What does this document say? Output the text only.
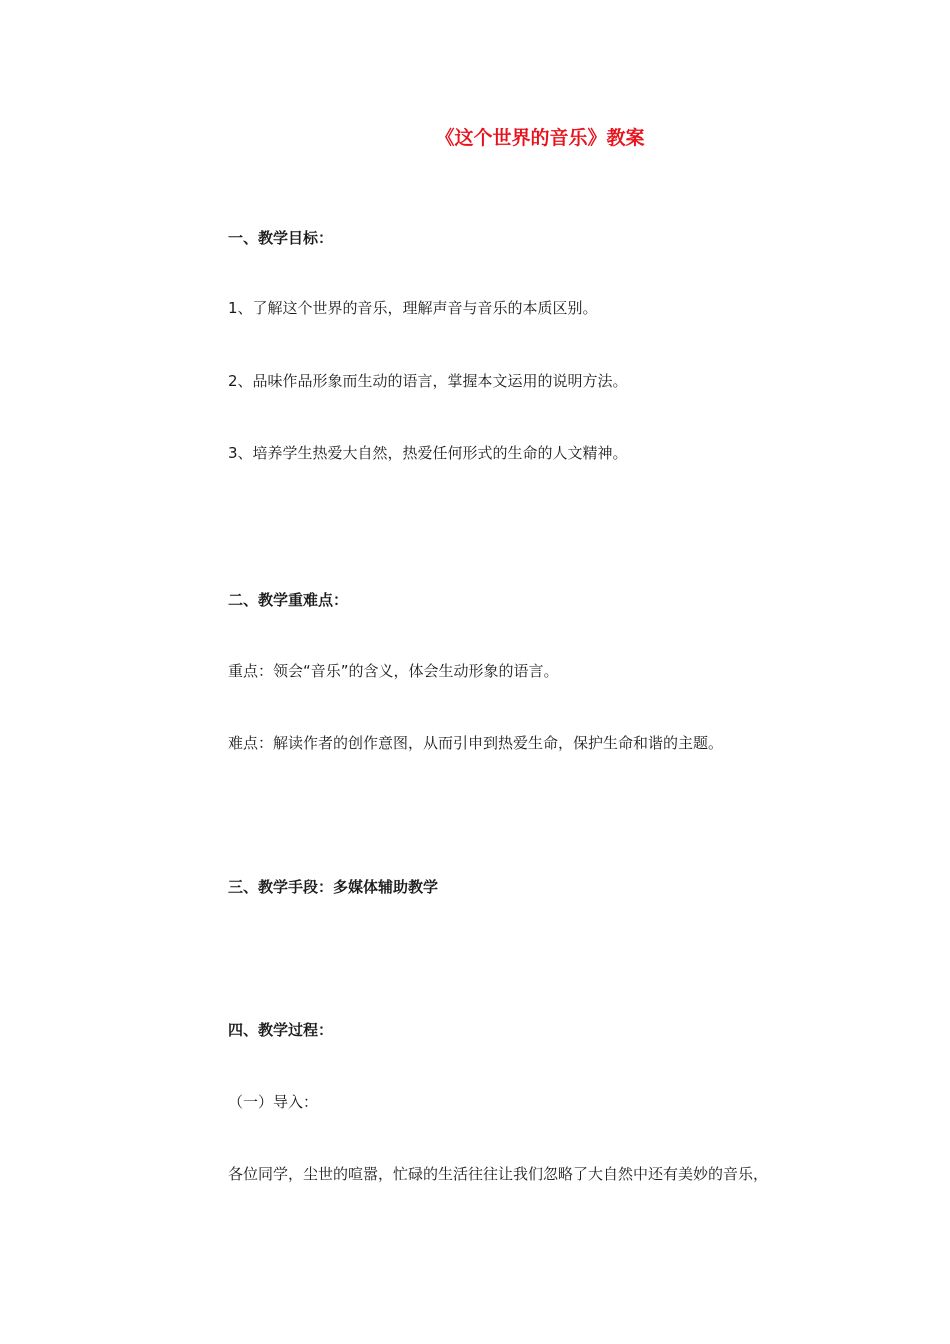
《这个世界的音乐》教案
一、教学目标：
1、了解这个世界的音乐，理解声音与音乐的本质区别。
2、品味作品形象而生动的语言，掌握本文运用的说明方法。
3、培养学生热爱大自然，热爱任何形式的生命的人文精神。
二、教学重难点：
重点：领会“音乐”的含义，体会生动形象的语言。
难点：解读作者的创作意图，从而引申到热爱生命，保护生命和谐的主题。
三、教学手段：多媒体辅助教学
四、教学过程：
（一）导入：
各位同学，尘世的喧嚣，忙碌的生活往往让我们忽略了大自然中还有美妙的音乐，
